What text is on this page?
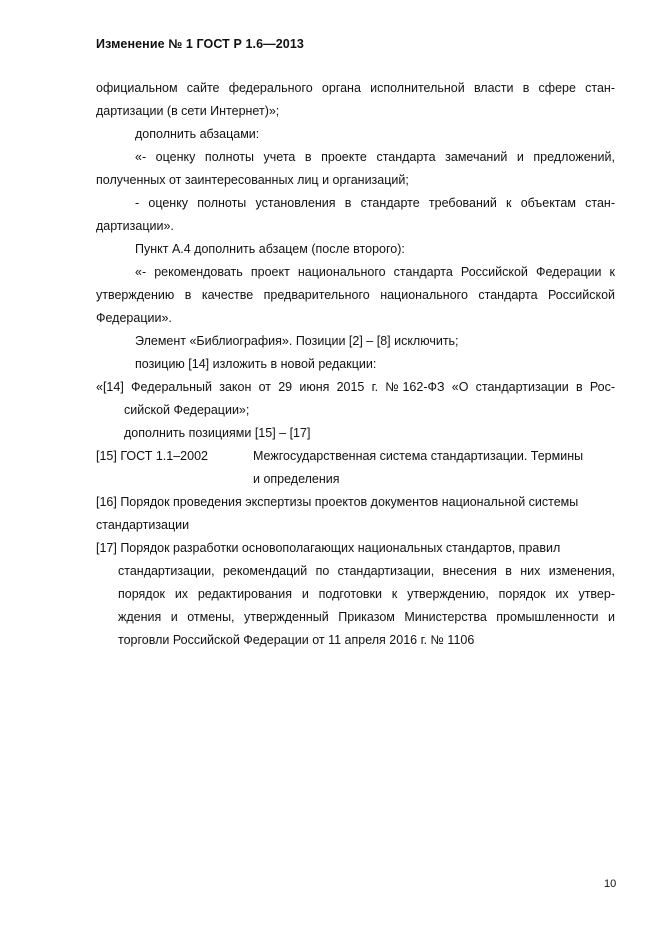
Изменение № 1 ГОСТ Р 1.6—2013
официальном сайте федерального органа исполнительной власти в сфере стан-
дартизации (в сети Интернет)»;
дополнить абзацами:
«- оценку полноты учета в проекте стандарта замечаний и предложений,
полученных от заинтересованных лиц и организаций;
- оценку полноты установления в стандарте требований к объектам стан-
дартизации».
Пункт А.4 дополнить абзацем (после второго):
«- рекомендовать проект национального стандарта Российской Федерации к
утверждению в качестве предварительного национального стандарта Российской
Федерации».
Элемент «Библиография». Позиции [2] – [8] исключить;
позицию [14] изложить в новой редакции:
«[14] Федеральный закон от 29 июня 2015 г. №162-ФЗ «О стандартизации в Рос-
сийской Федерации»;
дополнить позициями [15] – [17]
[15] ГОСТ 1.1–2002	Межгосударственная система стандартизации. Термины
и определения
[16] Порядок проведения экспертизы проектов документов национальной системы
стандартизации
[17] Порядок разработки основополагающих национальных стандартов, правил
стандартизации, рекомендаций по стандартизации, внесения в них изменения,
порядок их редактирования и подготовки к утверждению, порядок их утвер-
ждения и отмены, утвержденный Приказом Министерства промышленности и
торговли Российской Федерации от 11 апреля 2016 г. № 1106
10
